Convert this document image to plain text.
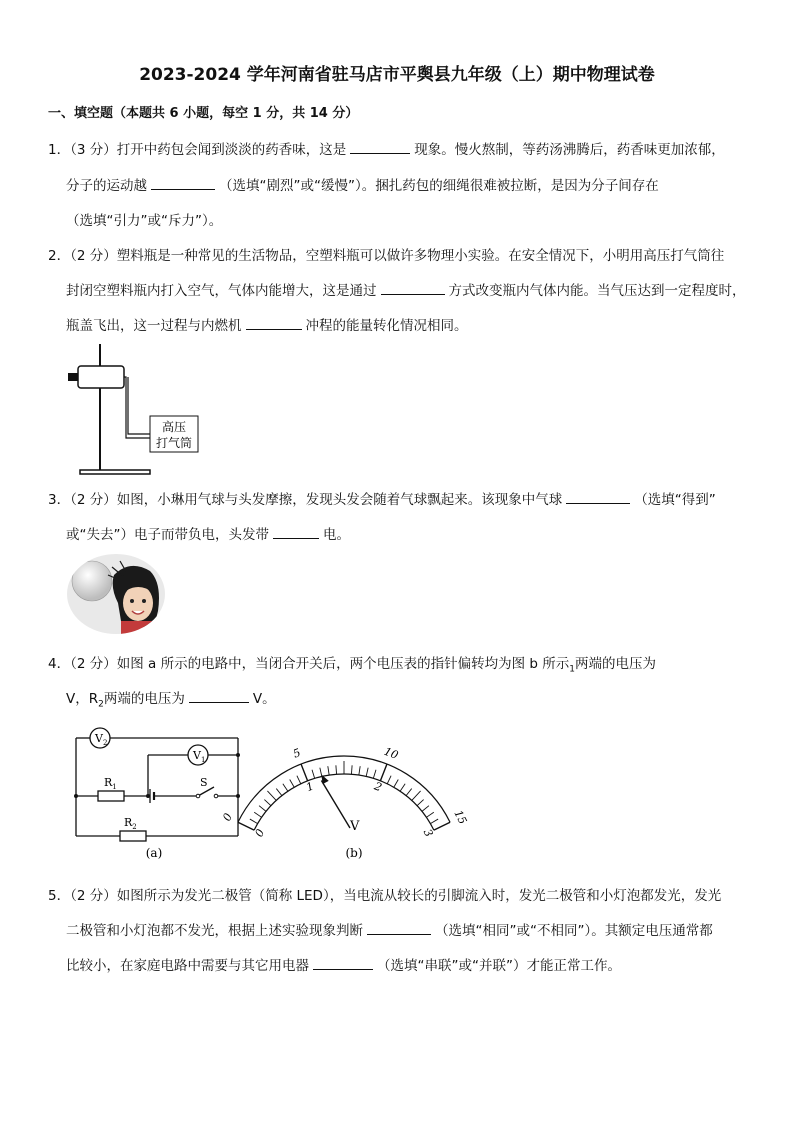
2023-2024 学年河南省驻马店市平舆县九年级（上）期中物理试卷
一、填空题（本题共 6 小题，每空 1 分，共 14 分）
1．（3 分）打开中药包会闻到淡淡的药香味，这是	现象。慢火熬制，等药汤沸腾后，药香味更加浓郁，
分子的运动越	（选填“剧烈”或“缓慢”）。捆扎药包的细绳很难被拉断，是因为分子间存在
（选填“引力”或“斥力”）。
2．（2 分）塑料瓶是一种常见的生活物品，空塑料瓶可以做许多物理小实验。在安全情况下，小明用高压打气筒往
封闭空塑料瓶内打入空气，气体内能增大，这是通过	方式改变瓶内气体内能。当气压达到一定程度时，
瓶盖飞出，这一过程与内燃机	冲程的能量转化情况相同。
高压
打气筒
3．（2 分）如图，小琳用气球与头发摩擦，发现头发会随着气球飘起来。该现象中气球	（选填“得到”
或“失去”）电子而带负电，头发带	电。
4．（2 分）如图 a 所示的电路中，当闭合开关后，两个电压表的指针偏转均为图 b 所示$_1$两端的电压为
V，$R_2$两端的电压为	V。
$V_2$
$V_1$
$R_1$	S
$R_2$
(a)
0
5	10
15
0
1	2
3
V
(b)
5．（2 分）如图所示为发光二极管（简称 LED），当电流从较长的引脚流入时，发光二极管和小灯泡都发光，发光
二极管和小灯泡都不发光，根据上述实验现象判断	（选填“相同”或“不相同”）。其额定电压通常都
比较小，在家庭电路中需要与其它用电器	（选填“串联”或“并联”）才能正常工作。
